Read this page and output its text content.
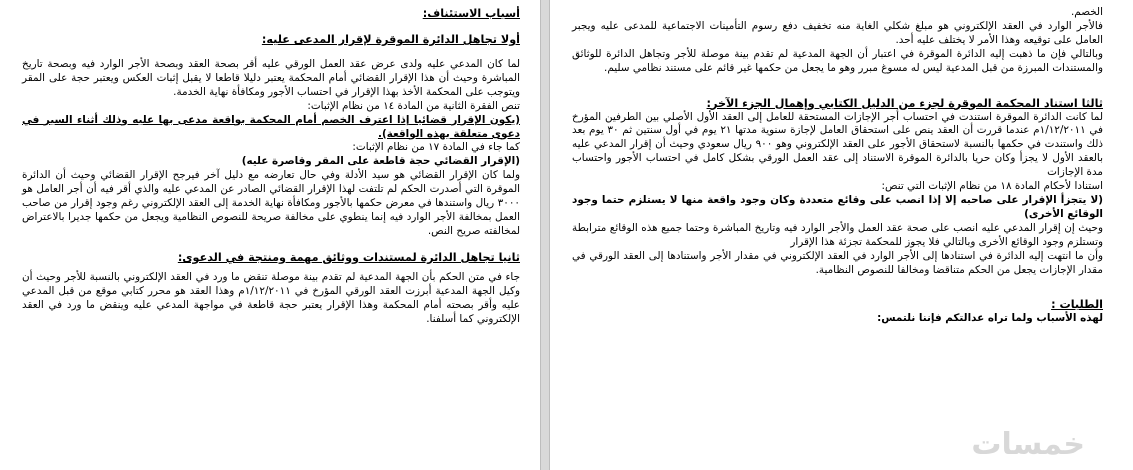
أسباب الاستئناف:
أولا تجاهل الدائرة الموقرة لإقرار المدعى عليه:

لما كان المدعي عليه ولدى عرض عقد العمل الورقي عليه أقر بصحة العقد وبصحة الأجر الوارد فيه وبصحة تاريخ المباشرة وحيث أن هذا الإقرار القضائي أمام المحكمة يعتبر دليلا قاطعا لا يقبل إثبات العكس ويعتبر حجة على المقر ويتوجب على المحكمة الأخذ بهذا الإقرار في احتساب الأجور ومكافأة نهاية الخدمة.

تنص الفقرة الثانية من المادة ١٤ من نظام الإثبات:

(يكون الإقرار قضائيا إذا اعترف الخصم أمام المحكمة بواقعة مدعى بها عليه وذلك أثناء السير في دعوى متعلقة بهذه الواقعة).

كما جاء في المادة ١٧ من نظام الإثبات:

(الإقرار القضائي حجة قاطعة على المقر وقاصرة عليه)

ولما كان الإقرار القضائي هو سيد الأدلة وفي حال تعارضه مع دليل آخر فيرجح الإقرار القضائي وحيث أن الدائرة الموقرة التي أصدرت الحكم لم تلتفت لهذا الإقرار القضائي الصادر عن المدعي عليه والذي أقر فيه أن أجر العامل هو ٣٠٠٠ ريال واستندها في معرض حكمها بالأجور ومكافأة نهاية الخدمة إلى العقد الإلكتروني رغم وجود إقرار من صاحب العمل بمخالفة الأجر الوارد فيه إنما ينطوي على مخالفة صريحة للنصوص النظامية ويجعل من حكمها جديرا بالاعتراض لمخالفته صريح النص.

ثانيا تجاهل الدائرة لمستندات ووثائق مهمة ومنتجة في الدعوى:

جاء في متن الحكم بأن الجهة المدعية لم تقدم بينة موصلة تنقض ما ورد في العقد الإلكتروني بالنسبة للأجر وحيث أن وكيل الجهة المدعية أبرزت العقد الورقي المؤرخ في ١/١٢/٢٠١١م وهذا العقد هو محرر كتابي موقع من قبل المدعي عليه وأقر بصحته أمام المحكمة وهذا الإقرار يعتبر حجة قاطعة في مواجهة المدعي عليه وينقض ما ورد في العقد الإلكتروني كما أسلفنا.

الخصم.

فالأجر الوارد في العقد الإلكتروني هو مبلغ شكلي الغاية منه تخفيف دفع رسوم التأمينات الاجتماعية للمدعى عليه ويجبر العامل على توقيعه وهذا الأمر لا يختلف عليه أحد.

وبالتالي فإن ما ذهبت إليه الدائرة الموقرة في اعتبار أن الجهة المدعية لم تقدم بينة موصلة للأجر وتجاهل الدائرة للوثائق والمستندات المبرزة من قبل المدعية ليس له مسوغ مبرر وهو ما يجعل من حكمها غير قائم على مستند نظامي سليم.

ثالثا استناد المحكمة الموقرة لجزء من الدليل الكتابي وإهمال الجزء الآخر:

لما كانت الدائرة الموقرة استندت في احتساب أجر الإجازات المستحقة للعامل إلى العقد الأول الأصلي بين الطرفين المؤرخ في ١/١٢/٢٠١١م عندما قررت أن العقد ينص على استحقاق العامل لإجازة سنوية مدتها ٢١ يوم في أول سنتين ثم ٣٠ يوم بعد ذلك واستندت في حكمها بالنسبة لاستحقاق الأجور على العقد الإلكتروني وهو ٩٠٠ ريال سعودي وحيث أن إقرار المدعي عليه بالعقد الأول لا يجزأ وكان حريا بالدائرة الموقرة الاستناد إلى عقد العمل الورقي بشكل كامل في احتساب الأجور واحتساب مدة الإجازات

استنادا لأحكام المادة ١٨ من نظام الإثبات التي تنص:

(لا يتجزأ الإقرار على صاحبه إلا إذا انصب على وقائع متعددة وكان وجود واقعة منها لا يستلزم حتما وجود الوقائع الأخرى)

وحيث إن إقرار المدعي عليه انصب على صحة عقد العمل والأجر الوارد فيه وتاريخ المباشرة وحتما جميع هذه الوقائع مترابطة وتستلزم وجود الوقائع الأخرى وبالتالي فلا يجوز للمحكمة تجزئة هذا الإقرار

وأن ما انتهت إليه الدائرة في استنادها إلى الأجر الوارد في العقد الإلكتروني في مقدار الأجر واستنادها إلى العقد الورقي في مقدار الإجازات يجعل من الحكم متناقضا ومخالفا للنصوص النظامية.

الطلبات :

لهذه الأسباب ولما تراه عدالتكم فإننا نلتمس:

خمسات
